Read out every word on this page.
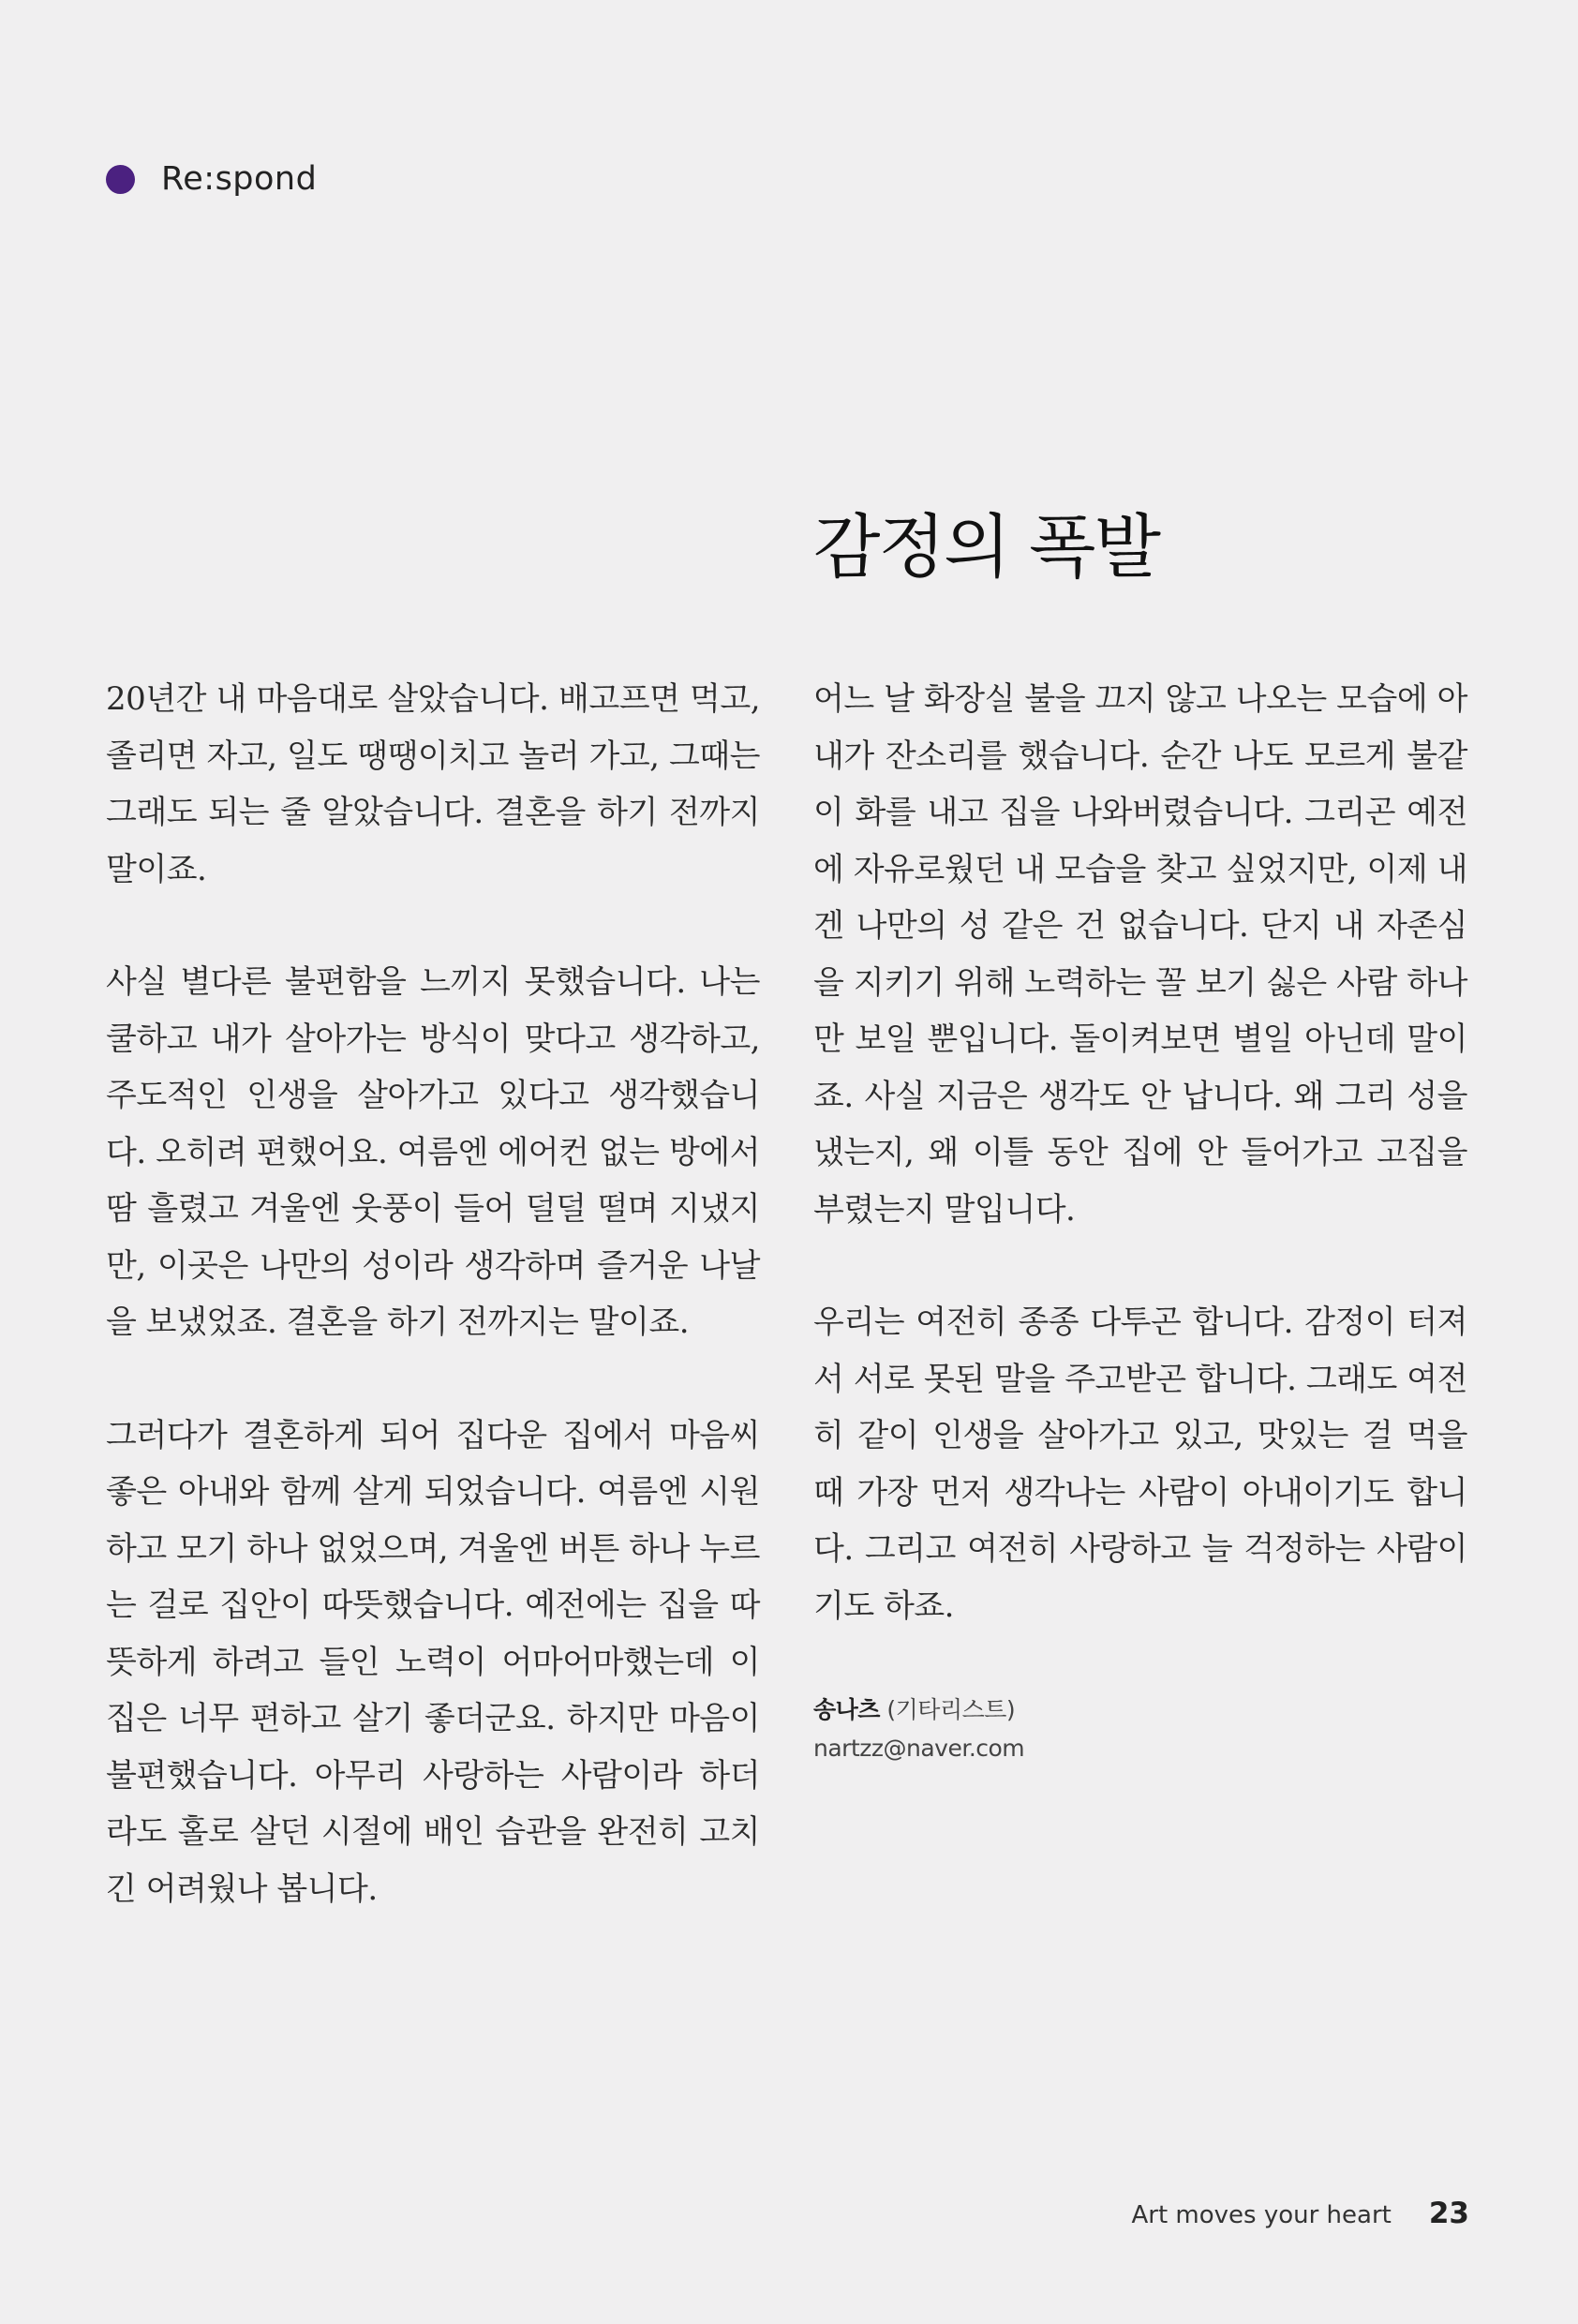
Re:spond
감정의 폭발

20년간 내 마음대로 살았습니다. 배고프면 먹고, 졸리면 자고, 일도 땡땡이치고 놀러 가고, 그때는 그래도 되는 줄 알았습니다. 결혼을 하기 전까지 말이죠.

사실 별다른 불편함을 느끼지 못했습니다. 나는 쿨하고 내가 살아가는 방식이 맞다고 생각하고, 주도적인 인생을 살아가고 있다고 생각했습니다. 오히려 편했어요. 여름엔 에어컨 없는 방에서 땀 흘렸고 겨울엔 웃풍이 들어 덜덜 떨며 지냈지만, 이곳은 나만의 성이라 생각하며 즐거운 나날을 보냈었죠. 결혼을 하기 전까지는 말이죠.

그러다가 결혼하게 되어 집다운 집에서 마음씨 좋은 아내와 함께 살게 되었습니다. 여름엔 시원하고 모기 하나 없었으며, 겨울엔 버튼 하나 누르는 걸로 집안이 따뜻했습니다. 예전에는 집을 따뜻하게 하려고 들인 노력이 어마어마했는데 이 집은 너무 편하고 살기 좋더군요. 하지만 마음이 불편했습니다. 아무리 사랑하는 사람이라 하더라도 홀로 살던 시절에 배인 습관을 완전히 고치긴 어려웠나 봅니다.

어느 날 화장실 불을 끄지 않고 나오는 모습에 아내가 잔소리를 했습니다. 순간 나도 모르게 불같이 화를 내고 집을 나와버렸습니다. 그리곤 예전에 자유로웠던 내 모습을 찾고 싶었지만, 이제 내겐 나만의 성 같은 건 없습니다. 단지 내 자존심을 지키기 위해 노력하는 꼴 보기 싫은 사람 하나만 보일 뿐입니다. 돌이켜보면 별일 아닌데 말이죠. 사실 지금은 생각도 안 납니다. 왜 그리 성을 냈는지, 왜 이틀 동안 집에 안 들어가고 고집을 부렸는지 말입니다.

우리는 여전히 종종 다투곤 합니다. 감정이 터져서 서로 못된 말을 주고받곤 합니다. 그래도 여전히 같이 인생을 살아가고 있고, 맛있는 걸 먹을 때 가장 먼저 생각나는 사람이 아내이기도 합니다. 그리고 여전히 사랑하고 늘 걱정하는 사람이기도 하죠.

송나츠 (기타리스트)
nartzz@naver.com
Art moves your heart 23
